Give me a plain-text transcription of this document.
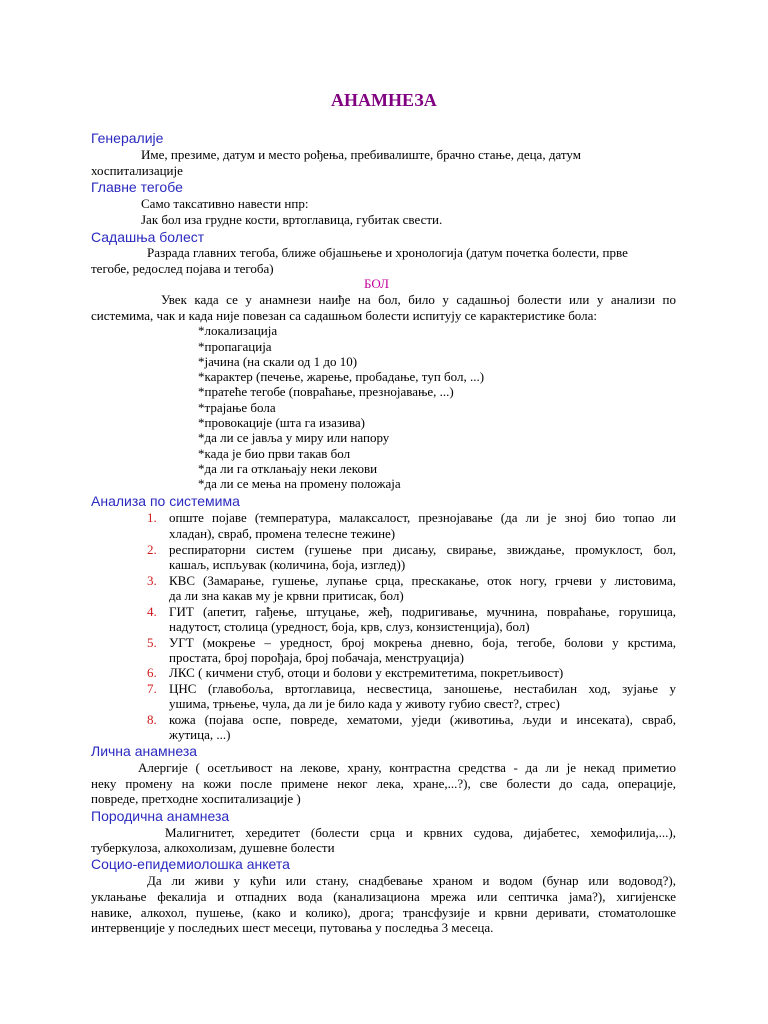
АНАМНЕЗА
Генералије
Име, презиме, датум и место рођења, пребивалиште, брачно стање, деца, датум
хоспитализације
Главне тегобе
Само таксативно навести нпр:
Јак бол иза грудне кости, вртоглавица, губитак свести.
Садашња болест
Разрада главних тегоба, ближе објашњење и хронологија (датум почетка болести, прве
тегобе, редослед појава и тегоба)
БОЛ
Увек када се у анамнези наиђе на бол, било у садашњој болести или у анализи по
системима, чак и када није повезан са садашњом болести испитују се карактеристике бола:
*локализација
*пропагација
*јачина (на скали од 1 до 10)
*карактер (печење, жарење, пробадање, туп бол, ...)
*пратеће тегобе (повраћање, презнојавање, ...)
*трајање бола
*провокације (шта га изазива)
*да ли се јавља у миру или напору
*када је био први такав бол
*да ли га отклањају неки лекови
*да ли се мења на промену положаја
Анализа по системима
1. опште појаве (температура, малаксалост, презнојавање (да ли је зној био топао ли
хладан), сврaб, промена телесне тежине)
2. респираторни систем (гушење при дисању, свирање, звиждање, промуклост, бол,
кашаљ, испљувак (количина, боја, изглед))
3. КВС (Замарање, гушење, лупање срца, прескакање, оток ногу, грчеви у листовима,
да ли зна какав му је крвни притисак, бол)
4. ГИТ (апетит, гађење, штуцање, жеђ, подригивање, мучнина, повраћање, горушица,
надутост, столица (уредност, боја, крв, слуз, конзистенција), бол)
5. УГТ (мокрење – уредност, број мокрења дневно, боја, тегобе, болови у крстима,
простата, број порођаја, број побачаја, менструација)
6. ЛКС ( кичмени стуб, отоци и болови у екстремитетима, покретљивост)
7. ЦНС (главобоља, вртоглавица, несвестица, заношење, нестабилан ход, зујање у
ушима, трњење, чула, да ли је било када у животу губио свест?, стрес)
8. кожа (појава оспе, повреде, хематоми, уједи (животиња, људи и инсеката), свраб,
жутица, ...)
Лична анамнеза
Алергије ( осетљивост на лекове, храну, контрастна средства - да ли је некад приметио
неку промену на кожи после примене неког лека, хране,...?), све болести до сада, операције,
повреде, претходне хоспитализације )
Породична анамнеза
Малигнитет, хередитет (болести срца и крвних судова, дијабетес, хемофилија,...),
туберкулоза, алкохолизам, душевне болести
Социо-епидемиолошка анкета
Да ли живи у кући или стану, снадбевање храном и водом (бунар или водовод?),
уклањање фекалија и отпадних вода (канализациона мрежа или септичка јама?), хигијенске
навике, алкохол, пушење, (како и колико), дрога; трансфузије и крвни деривати, стоматолошке
интервенције у последњих шест месеци, путовања у последња 3 месеца.
